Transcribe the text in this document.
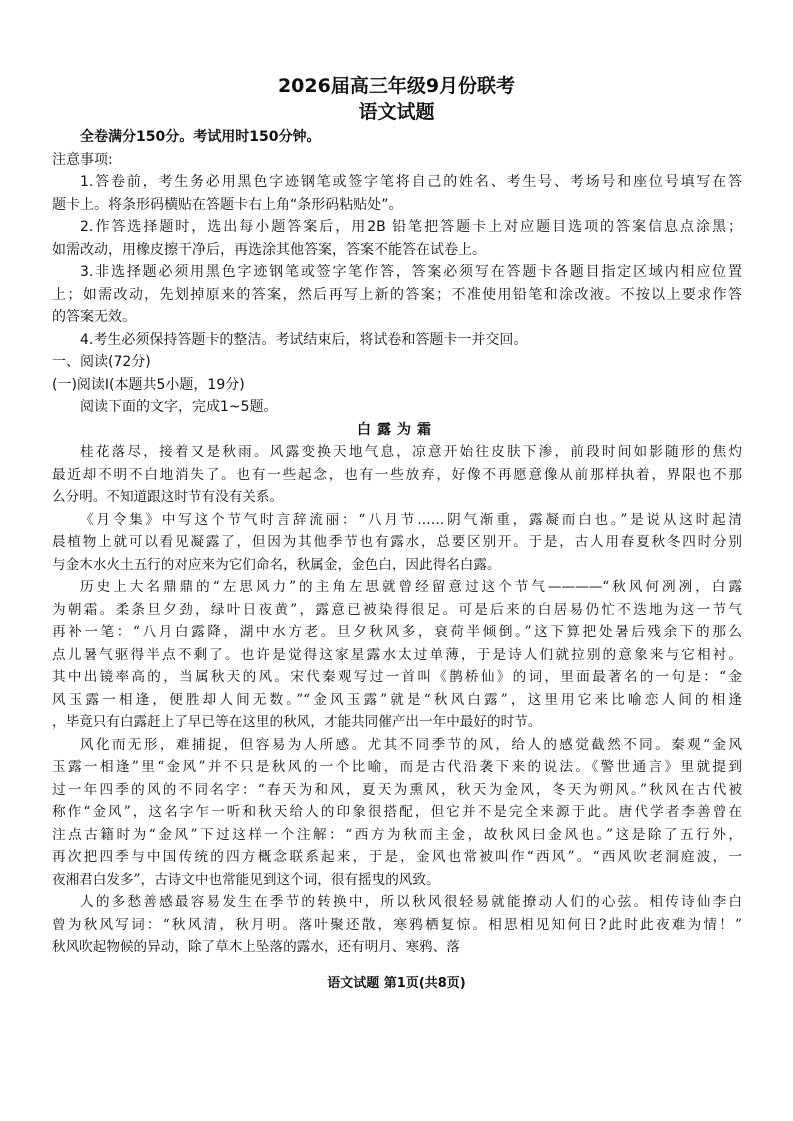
2026届高三年级9月份联考
语文试题
全卷满分150分。考试用时150分钟。
注意事项:
1.答卷前，考生务必用黑色字迹钢笔或签字笔将自己的姓名、考生号、考场号和座位号填写在答
题卡上。将条形码横贴在答题卡右上角“条形码粘贴处”。
2.作答选择题时，选出每小题答案后，用2B 铅笔把答题卡上对应题目选项的答案信息点涂黑；
如需改动，用橡皮擦干净后，再选涂其他答案，答案不能答在试卷上。
3.非选择题必须用黑色字迹钢笔或签字笔作答，答案必须写在答题卡各题目指定区域内相应位置
上；如需改动，先划掉原来的答案，然后再写上新的答案；不准使用铅笔和涂改液。不按以上要求作答
的答案无效。
4.考生必须保持答题卡的整洁。考试结束后，将试卷和答题卡一并交回。
一、阅读(72分)
(一)阅读Ⅰ(本题共5小题，19分)
阅读下面的文字，完成1~5题。
白露为霜
桂花落尽，接着又是秋雨。风露变换天地气息，凉意开始往皮肤下渗，前段时间如影随形的焦灼
最近却不明不白地消失了。也有一些起念，也有一些放弃，好像不再愿意像从前那样执着，界限也不那
么分明。不知道跟这时节有没有关系。
《月令集》中写这个节气时言辞流丽：“八月节……阴气渐重，露凝而白也。”是说从这时起清
晨植物上就可以看见凝露了，但因为其他季节也有露水，总要区别开。于是，古人用春夏秋冬四时分别
与金木水火土五行的对应来为它们命名，秋属金，金色白，因此得名白露。
历史上大名鼎鼎的“左思风力”的主角左思就曾经留意过这个节气————“秋风何冽冽，白露
为朝霜。柔条旦夕劲，绿叶日夜黄”，露意已被染得很足。可是后来的白居易仍忙不迭地为这一节气
再补一笔：“八月白露降，湖中水方老。旦夕秋风多，衰荷半倾倒。”这下算把处暑后残余下的那么
点儿暑气驱得半点不剩了。也许是觉得这家星露水太过单薄，于是诗人们就拉别的意象来与它相衬。
其中出镜率高的，当属秋天的风。宋代秦观写过一首叫《鹊桥仙》的词，里面最著名的一句是：“金
风玉露一相逢，便胜却人间无数。”“金风玉露”就是“秋风白露”，这里用它来比喻恋人间的相逢
，毕竟只有白露赶上了早已等在这里的秋风，才能共同催产出一年中最好的时节。
风化而无形，难捕捉，但容易为人所感。尤其不同季节的风，给人的感觉截然不同。秦观“金风
玉露一相逢”里“金风”并不只是秋风的一个比喻，而是古代沿袭下来的说法。《警世通言》里就提到
过一年四季的风的不同名字：“春天为和风，夏天为熏风，秋天为金风，冬天为朔风。”秋风在古代被
称作“金风”，这名字乍一听和秋天给人的印象很搭配，但它并不是完全来源于此。唐代学者李善曾在
注点古籍时为“金风”下过这样一个注解：“西方为秋而主金，故秋风曰金风也。”这是除了五行外，
再次把四季与中国传统的四方概念联系起来，于是，金风也常被叫作“西风”。“西风吹老洞庭波，一
夜湘君白发多”，古诗文中也常能见到这个词，很有摇曳的风致。
人的多愁善感最容易发生在季节的转换中，所以秋风很轻易就能撩动人们的心弦。相传诗仙李白
曾为秋风写词：“秋风清，秋月明。落叶聚还散，寒鸦栖复惊。相思相见知何日?此时此夜难为情！”
秋风吹起物候的异动，除了草木上坠落的露水，还有明月、寒鸦、落
语文试题 第1页(共8页)
